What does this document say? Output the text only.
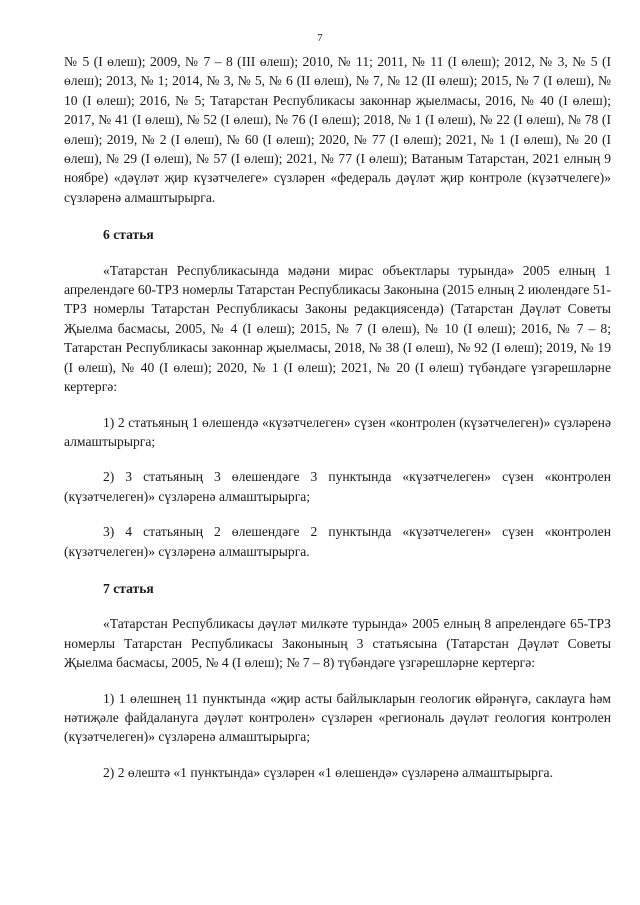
7

№ 5 (I өлеш); 2009, № 7 – 8 (III өлеш); 2010, № 11; 2011, № 11 (I өлеш); 2012, № 3, № 5 (I өлеш); 2013, № 1; 2014, № 3, № 5, № 6 (II өлеш), № 7, № 12 (II өлеш); 2015, № 7 (I өлеш), № 10 (I өлеш); 2016, № 5; Татарстан Республикасы законнар җыелмасы, 2016, № 40 (I өлеш); 2017, № 41 (I өлеш), № 52 (I өлеш), № 76 (I өлеш); 2018, № 1 (I өлеш), № 22 (I өлеш), № 78 (I өлеш); 2019, № 2 (I өлеш), № 60 (I өлеш); 2020, № 77 (I өлеш); 2021, № 1 (I өлеш), № 20 (I өлеш), № 29 (I өлеш), № 57 (I өлеш); 2021, № 77 (I өлеш); Ватаным Татарстан, 2021 елның 9 ноябре) «дәүләт җир күзәтчелеге» сүзләрен «федераль дәүләт җир контроле (күзәтчелеге)» сүзләренә алмаштырырга.

6 статья

«Татарстан Республикасында мәдәни мирас объектлары турында» 2005 елның 1 апрелендәге 60-ТРЗ номерлы Татарстан Республикасы Законына (2015 елның 2 июлендәге 51-ТРЗ номерлы Татарстан Республикасы Законы редакциясендә) (Татарстан Дәүләт Советы Җыелма басмасы, 2005, № 4 (I өлеш); 2015, № 7 (I өлеш), № 10 (I өлеш); 2016, № 7 – 8; Татарстан Республикасы законнар җыелмасы, 2018, № 38 (I өлеш), № 92 (I өлеш); 2019, № 19 (I өлеш), № 40 (I өлеш); 2020, № 1 (I өлеш); 2021, № 20 (I өлеш) түбәндәге үзгәрешләрне кертергә:

1) 2 статьяның 1 өлешендә «күзәтчелеген» сүзен «контролен (күзәтчелеген)» сүзләренә алмаштырырга;

2) 3 статьяның 3 өлешендәге 3 пунктында «күзәтчелеген» сүзен «контролен (күзәтчелеген)» сүзләренә алмаштырырга;

3) 4 статьяның 2 өлешендәге 2 пунктында «күзәтчелеген» сүзен «контролен (күзәтчелеген)» сүзләренә алмаштырырга.

7 статья

«Татарстан Республикасы дәүләт милкәте турында» 2005 елның 8 апрелендәге 65-ТРЗ номерлы Татарстан Республикасы Законының 3 статьясына (Татарстан Дәүләт Советы Җыелма басмасы, 2005, № 4 (I өлеш); № 7 – 8) түбәндәге үзгәрешләрне кертергә:

1) 1 өлешнең 11 пунктында «җир асты байлыкларын геологик өйрәнүгә, саклауга һәм нәтиҗәле файдалануга дәүләт контролен» сүзләрен «региональ дәүләт геология контролен (күзәтчелеген)» сүзләренә алмаштырырга;

2) 2 өлештә «1 пунктында» сүзләрен «1 өлешендә» сүзләренә алмаштырырга.
